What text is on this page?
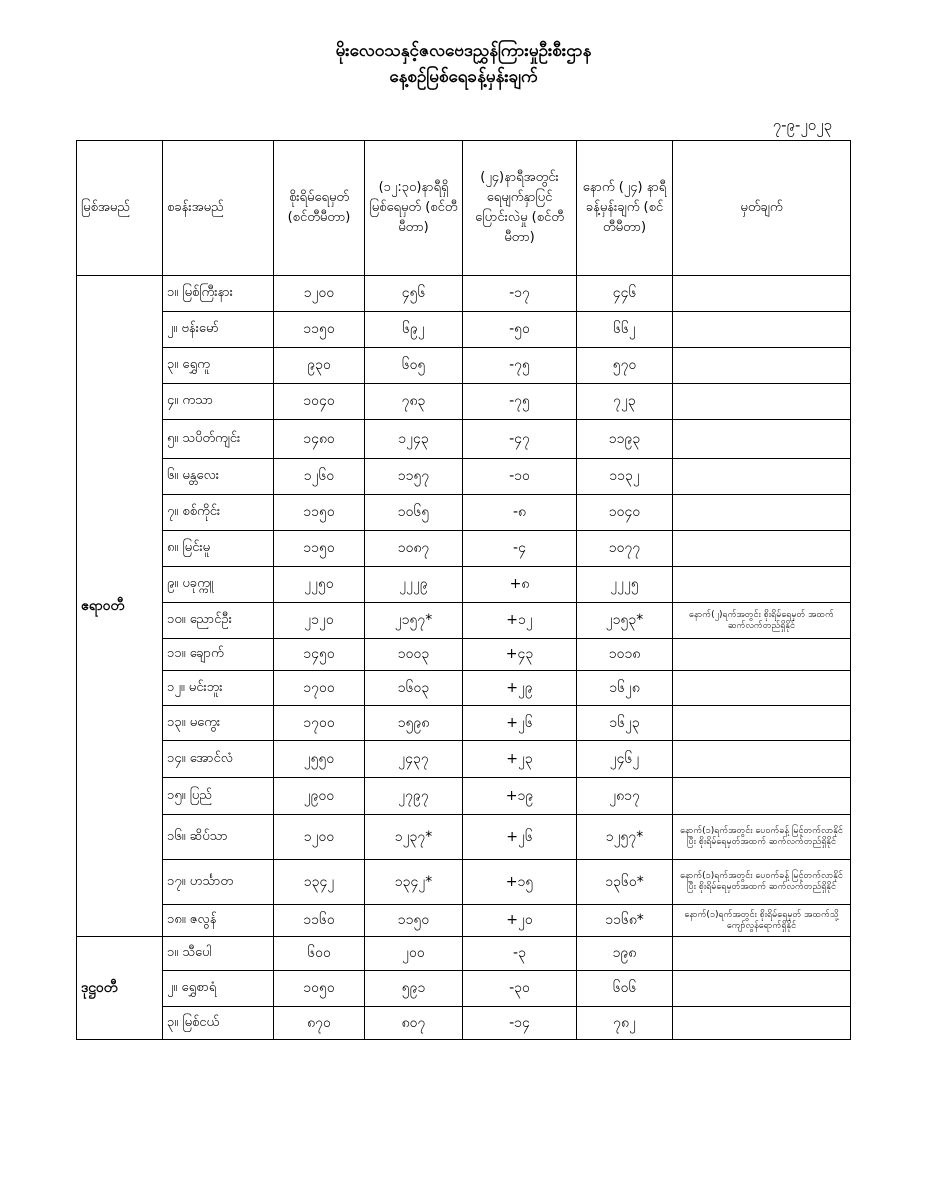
မိုးလေဝသနှင့်ဇလဗေဒညွှန်ကြားမှုဦးစီးဌာန
နေ့စဉ်မြစ်ရေခန့်မှန်းချက်
၇-၉-၂၀၂၃
မြစ်အမည်	စခန်းအမည်	စိုးရိမ်ရေမှတ် (စင်တီမီတာ)	(၁၂:၃၀)နာရီရှိ မြစ်ရေမှတ် (စင်တီမီတာ)	(၂၄)နာရီအတွင်း ရေမျက်နှာပြင် ပြောင်းလဲမှု (စင်တီမီတာ)	နောက် (၂၄) နာရီ ခန့်မှန်းချက် (စင်တီမီတာ)	မှတ်ချက်
ဧရာဝတီ	၁။ မြစ်ကြီးနား	၁၂၀၀	၄၅၆	-၁၇	၄၄၆	
	၂။ ဗန်းမော်	၁၁၅၀	၆၉၂	-၅၀	၆၆၂	
	၃။ ရွှေကူ	၉၃၀	၆၀၅	-၇၅	၅၇၀	
	၄။ ကသာ	၁၀၄၀	၇၈၃	-၇၅	၇၂၃	
	၅။ သပိတ်ကျင်း	၁၄၈၀	၁၂၄၃	-၄၇	၁၁၉၃	
	၆။ မန္တလေး	၁၂၆၀	၁၁၅၇	-၁၀	၁၁၃၂	
	၇။ စစ်ကိုင်း	၁၁၅၀	၁၀၆၅	-၈	၁၀၄၀	
	၈။ မြင်းမူ	၁၁၅၀	၁၀၈၇	-၄	၁၀၇၇	
	၉။ ပခုက္ကူ	၂၂၅၀	၂၂၂၉	+၈	၂၂၂၅	
	၁၀။ ညောင်ဦး	၂၁၂၀	၂၁၅၇*	+၁၂	၂၁၅၃*	နောက်(၂)ရက်အတွင်း စိုးရိမ်ရေမှတ် အထက် ဆက်လက်တည်ရှိနိုင်
	၁၁။ ချောက်	၁၄၅၀	၁၀၀၃	+၄၃	၁၀၁၈	
	၁၂။ မင်းဘူး	၁၇၀၀	၁၆၀၃	+၂၉	၁၆၂၈	
	၁၃။ မကွေး	၁၇၀၀	၁၅၉၈	+၂၆	၁၆၂၃	
	၁၄။ အောင်လံ	၂၅၅၀	၂၄၃၇	+၂၃	၂၄၆၂	
	၁၅။ ပြည်	၂၉၀၀	၂၇၉၇	+၁၉	၂၈၁၇	
	၁၆။ ဆိပ်သာ	၁၂၀၀	၁၂၃၇*	+၂၆	၁၂၅၇*	နောက်(၁)ရက်အတွင်း ပေ၀က်ခန့် မြင့်တက်လာနိုင်ပြီး စိုးရိမ်ရေမှတ်အထက် ဆက်လက်တည်ရှိနိုင်
	၁၇။ ဟင်္သာတ	၁၃၄၂	၁၃၄၂*	+၁၅	၁၃၆၀*	နောက်(၁)ရက်အတွင်း ပေ၀က်ခန့် မြင့်တက်လာနိုင်ပြီး စိုးရိမ်ရေမှတ်အထက် ဆက်လက်တည်ရှိနိုင်
	၁၈။ ဇလွန်	၁၁၆၀	၁၁၅၀	+၂၀	၁၁၆၈*	နောက်(၁)ရက်အတွင်း စိုးရိမ်ရေမှတ် အထက်သို့ ကျော်လွန်ရောက်ရှိနိုင်
ဒုဋ္ဌဝတီ	၁။ သီပေါ	၆၀၀	၂၀၀	-၃	၁၉၈	
	၂။ ရွှေစာရံ	၁၀၅၀	၅၉၁	-၃၀	၆၀၆	
	၃။ မြစ်ငယ်	၈၇၀	၈၀၇	-၁၄	၇၈၂	
